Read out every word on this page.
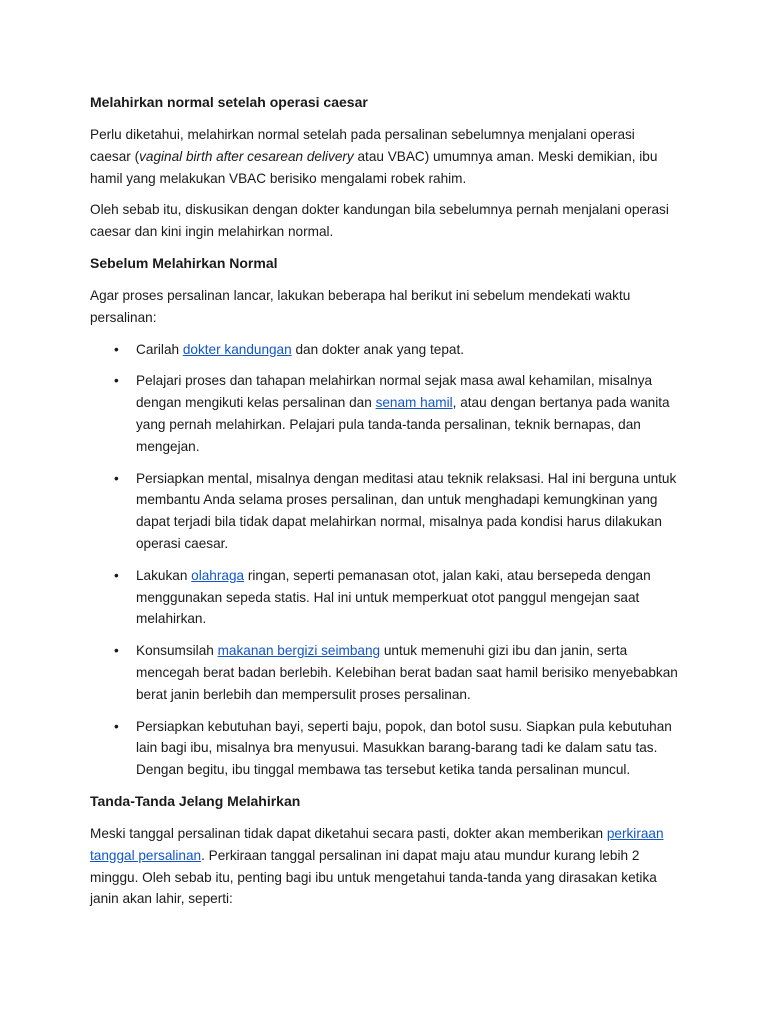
Melahirkan normal setelah operasi caesar

Perlu diketahui, melahirkan normal setelah pada persalinan sebelumnya menjalani operasi caesar (vaginal birth after cesarean delivery atau VBAC) umumnya aman. Meski demikian, ibu hamil yang melakukan VBAC berisiko mengalami robek rahim.

Oleh sebab itu, diskusikan dengan dokter kandungan bila sebelumnya pernah menjalani operasi caesar dan kini ingin melahirkan normal.

Sebelum Melahirkan Normal

Agar proses persalinan lancar, lakukan beberapa hal berikut ini sebelum mendekati waktu persalinan:

• Carilah dokter kandungan dan dokter anak yang tepat.
• Pelajari proses dan tahapan melahirkan normal sejak masa awal kehamilan, misalnya dengan mengikuti kelas persalinan dan senam hamil, atau dengan bertanya pada wanita yang pernah melahirkan. Pelajari pula tanda-tanda persalinan, teknik bernapas, dan mengejan.
• Persiapkan mental, misalnya dengan meditasi atau teknik relaksasi. Hal ini berguna untuk membantu Anda selama proses persalinan, dan untuk menghadapi kemungkinan yang dapat terjadi bila tidak dapat melahirkan normal, misalnya pada kondisi harus dilakukan operasi caesar.
• Lakukan olahraga ringan, seperti pemanasan otot, jalan kaki, atau bersepeda dengan menggunakan sepeda statis. Hal ini untuk memperkuat otot panggul mengejan saat melahirkan.
• Konsumsilah makanan bergizi seimbang untuk memenuhi gizi ibu dan janin, serta mencegah berat badan berlebih. Kelebihan berat badan saat hamil berisiko menyebabkan berat janin berlebih dan mempersulit proses persalinan.
• Persiapkan kebutuhan bayi, seperti baju, popok, dan botol susu. Siapkan pula kebutuhan lain bagi ibu, misalnya bra menyusui. Masukkan barang-barang tadi ke dalam satu tas. Dengan begitu, ibu tinggal membawa tas tersebut ketika tanda persalinan muncul.
Tanda-Tanda Jelang Melahirkan

Meski tanggal persalinan tidak dapat diketahui secara pasti, dokter akan memberikan perkiraan tanggal persalinan. Perkiraan tanggal persalinan ini dapat maju atau mundur kurang lebih 2 minggu. Oleh sebab itu, penting bagi ibu untuk mengetahui tanda-tanda yang dirasakan ketika janin akan lahir, seperti:
